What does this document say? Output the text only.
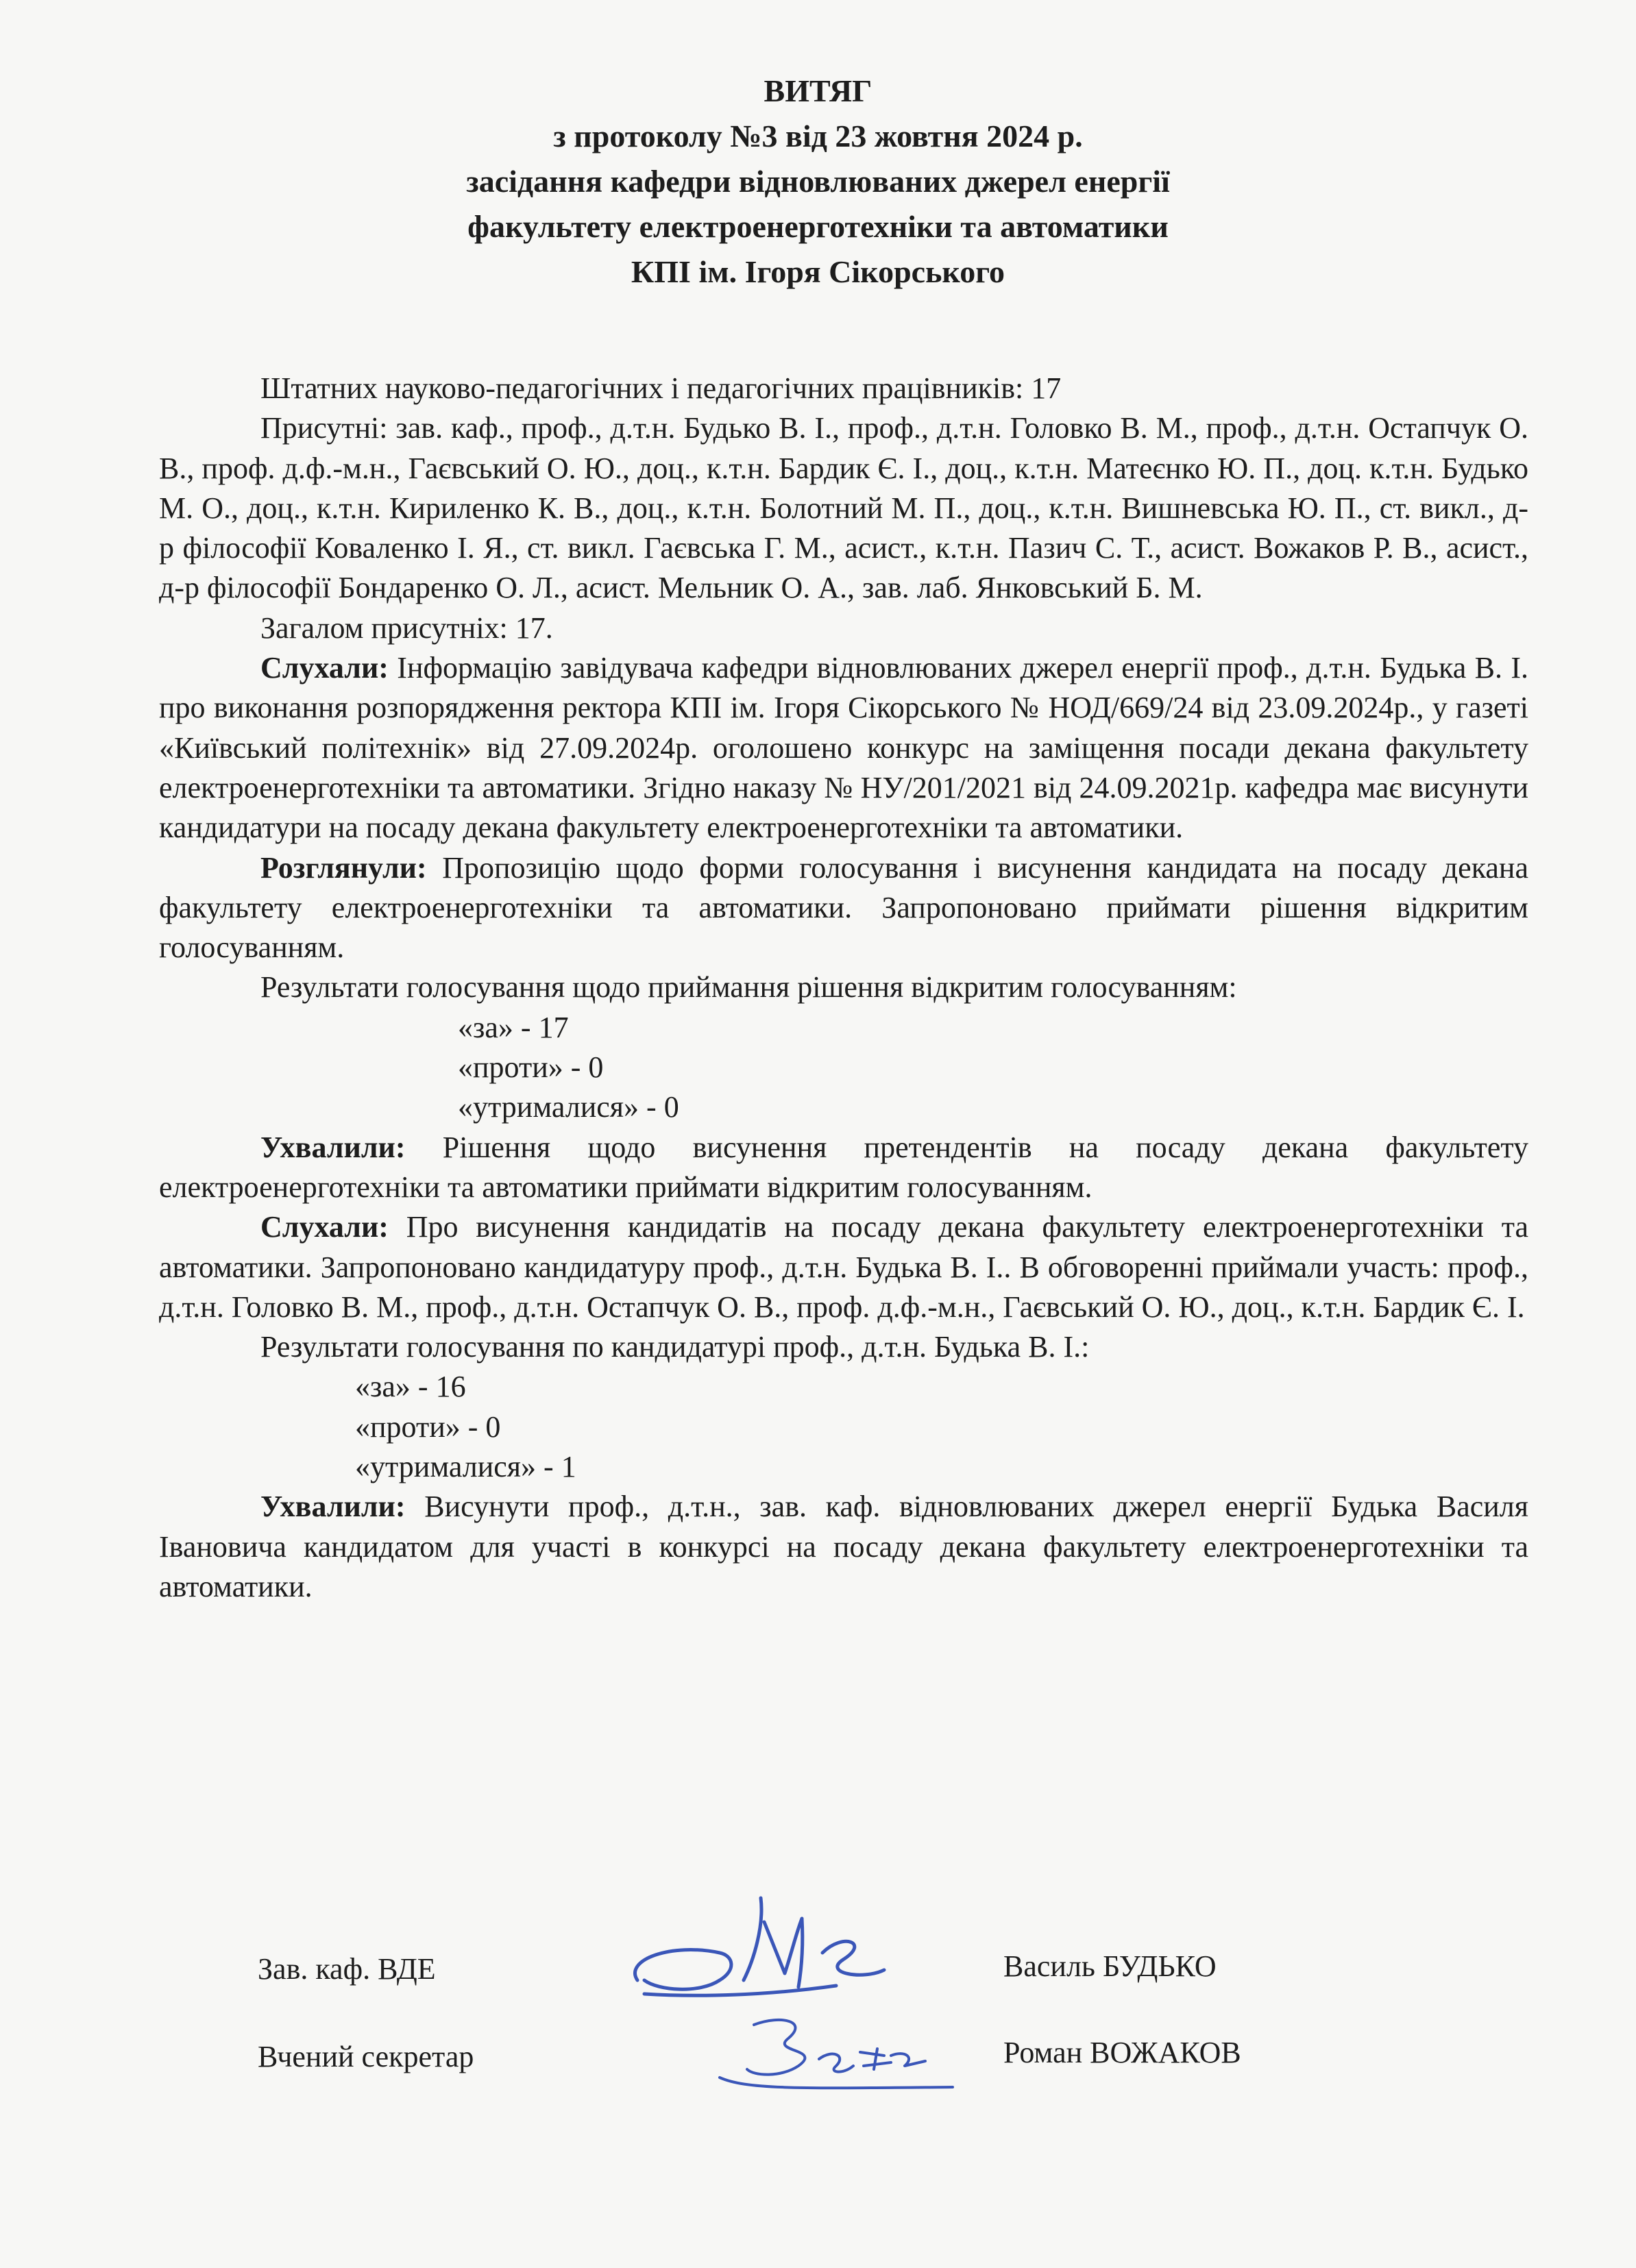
ВИТЯГ
з протоколу №3 від 23 жовтня 2024 р.
засідання кафедри відновлюваних джерел енергії
факультету електроенерготехніки та автоматики
КПІ ім. Ігоря Сікорського

Штатних науково-педагогічних і педагогічних працівників: 17

Присутні: зав. каф., проф., д.т.н. Будько В. І., проф., д.т.н. Головко В. М., проф., д.т.н. Остапчук О. В., проф. д.ф.-м.н., Гаєвський О. Ю., доц., к.т.н. Бардик Є. І., доц., к.т.н. Матеєнко Ю. П., доц. к.т.н. Будько М. О., доц., к.т.н. Кириленко К. В., доц., к.т.н. Болотний М. П., доц., к.т.н. Вишневська Ю. П., ст. викл., д-р філософії Коваленко І. Я., ст. викл. Гаєвська Г. М., асист., к.т.н. Пазич С. Т., асист. Вожаков Р. В., асист., д-р філософії Бондаренко О. Л., асист. Мельник О. А., зав. лаб. Янковський Б. М.

Загалом присутніх: 17.

Слухали: Інформацію завідувача кафедри відновлюваних джерел енергії проф., д.т.н. Будька В. І. про виконання розпорядження ректора КПІ ім. Ігоря Сікорського № НОД/669/24 від 23.09.2024р., у газеті «Київський політехнік» від 27.09.2024р. оголошено конкурс на заміщення посади декана факультету електроенерготехніки та автоматики. Згідно наказу № НУ/201/2021 від 24.09.2021р. кафедра має висунути кандидатури на посаду декана факультету електроенерготехніки та автоматики.

Розглянули: Пропозицію щодо форми голосування і висунення кандидата на посаду декана факультету електроенерготехніки та автоматики. Запропоновано приймати рішення відкритим голосуванням.

Результати голосування щодо приймання рішення відкритим голосуванням:

«за» - 17

«проти» - 0

«утрималися» - 0

Ухвалили: Рішення щодо висунення претендентів на посаду декана факультету електроенерготехніки та автоматики приймати відкритим голосуванням.

Слухали: Про висунення кандидатів на посаду декана факультету електроенерготехніки та автоматики. Запропоновано кандидатуру проф., д.т.н. Будька В. І.. В обговоренні приймали участь: проф., д.т.н. Головко В. М., проф., д.т.н. Остапчук О. В., проф. д.ф.-м.н., Гаєвський О. Ю., доц., к.т.н. Бардик Є. І.

Результати голосування по кандидатурі проф., д.т.н. Будька В. І.:

«за» - 16

«проти» - 0

«утрималися» - 1

Ухвалили: Висунути проф., д.т.н., зав. каф. відновлюваних джерел енергії Будька Василя Івановича кандидатом для участі в конкурсі на посаду декана факультету електроенерготехніки та автоматики.

Зав. каф. ВДЕ	Василь БУДЬКО
Вчений секретар	Роман ВОЖАКОВ
